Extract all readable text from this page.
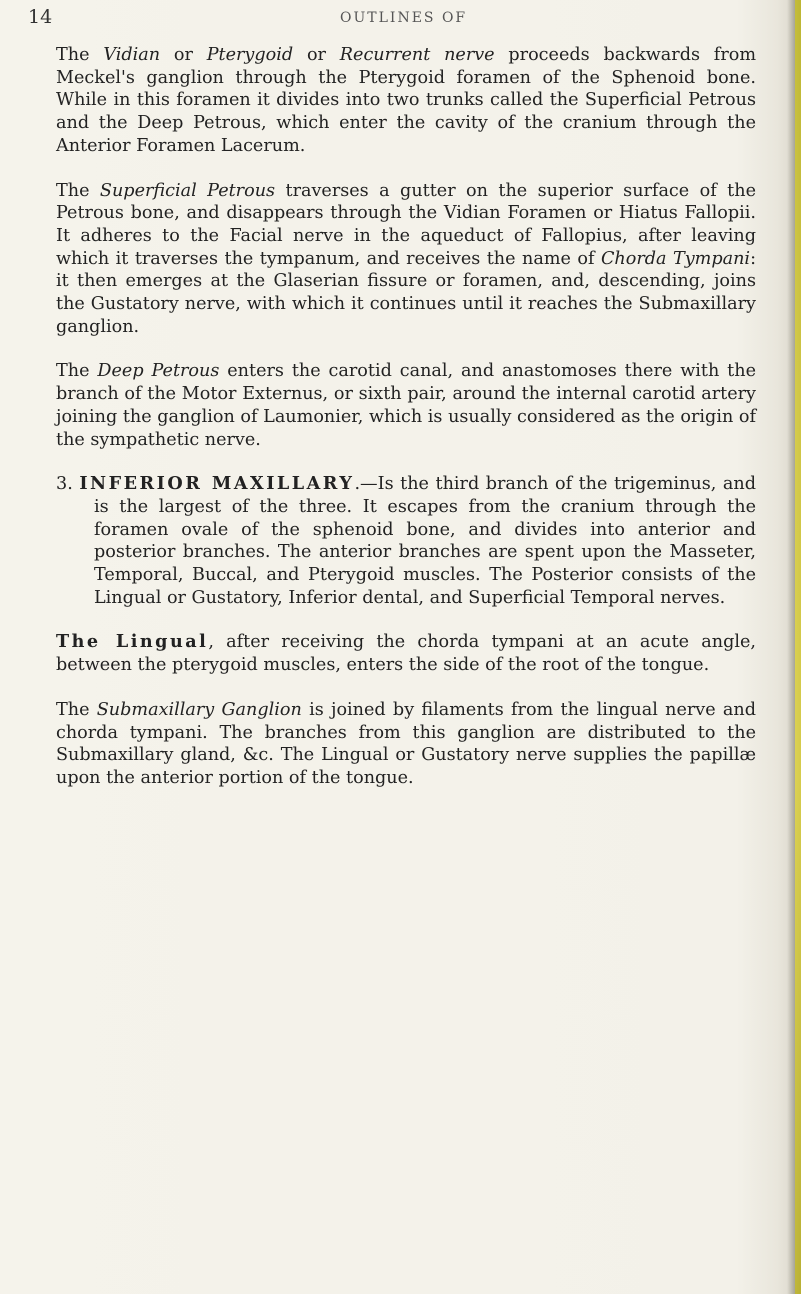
14	OUTLINES OF

The Vidian or Pterygoid or Recurrent nerve proceeds backwards from Meckel's ganglion through the Pterygoid foramen of the Sphenoid bone. While in this foramen it divides into two trunks called the Superficial Petrous and the Deep Petrous, which enter the cavity of the cranium through the Anterior Foramen Lacerum.

The Superficial Petrous traverses a gutter on the superior surface of the Petrous bone, and disappears through the Vidian Foramen or Hiatus Fallopii. It adheres to the Facial nerve in the aqueduct of Fallopius, after leaving which it traverses the tympanum, and receives the name of Chorda Tympani: it then emerges at the Glaserian fissure or foramen, and, descending, joins the Gustatory nerve, with which it continues until it reaches the Submaxillary ganglion.

The Deep Petrous enters the carotid canal, and anastomoses there with the branch of the Motor Externus, or sixth pair, around the internal carotid artery joining the ganglion of Laumonier, which is usually considered as the origin of the sympathetic nerve.

3. INFERIOR MAXILLARY.—Is the third branch of the trigeminus, and is the largest of the three. It escapes from the cranium through the foramen ovale of the sphenoid bone, and divides into anterior and posterior branches. The anterior branches are spent upon the Masseter, Temporal, Buccal, and Pterygoid muscles. The Posterior consists of the Lingual or Gustatory, Inferior dental, and Superficial Temporal nerves.

The Lingual, after receiving the chorda tympani at an acute angle, between the pterygoid muscles, enters the side of the root of the tongue.

The Submaxillary Ganglion is joined by filaments from the lingual nerve and chorda tympani. The branches from this ganglion are distributed to the Submaxillary gland, &c. The Lingual or Gustatory nerve supplies the papillæ upon the anterior portion of the tongue.
